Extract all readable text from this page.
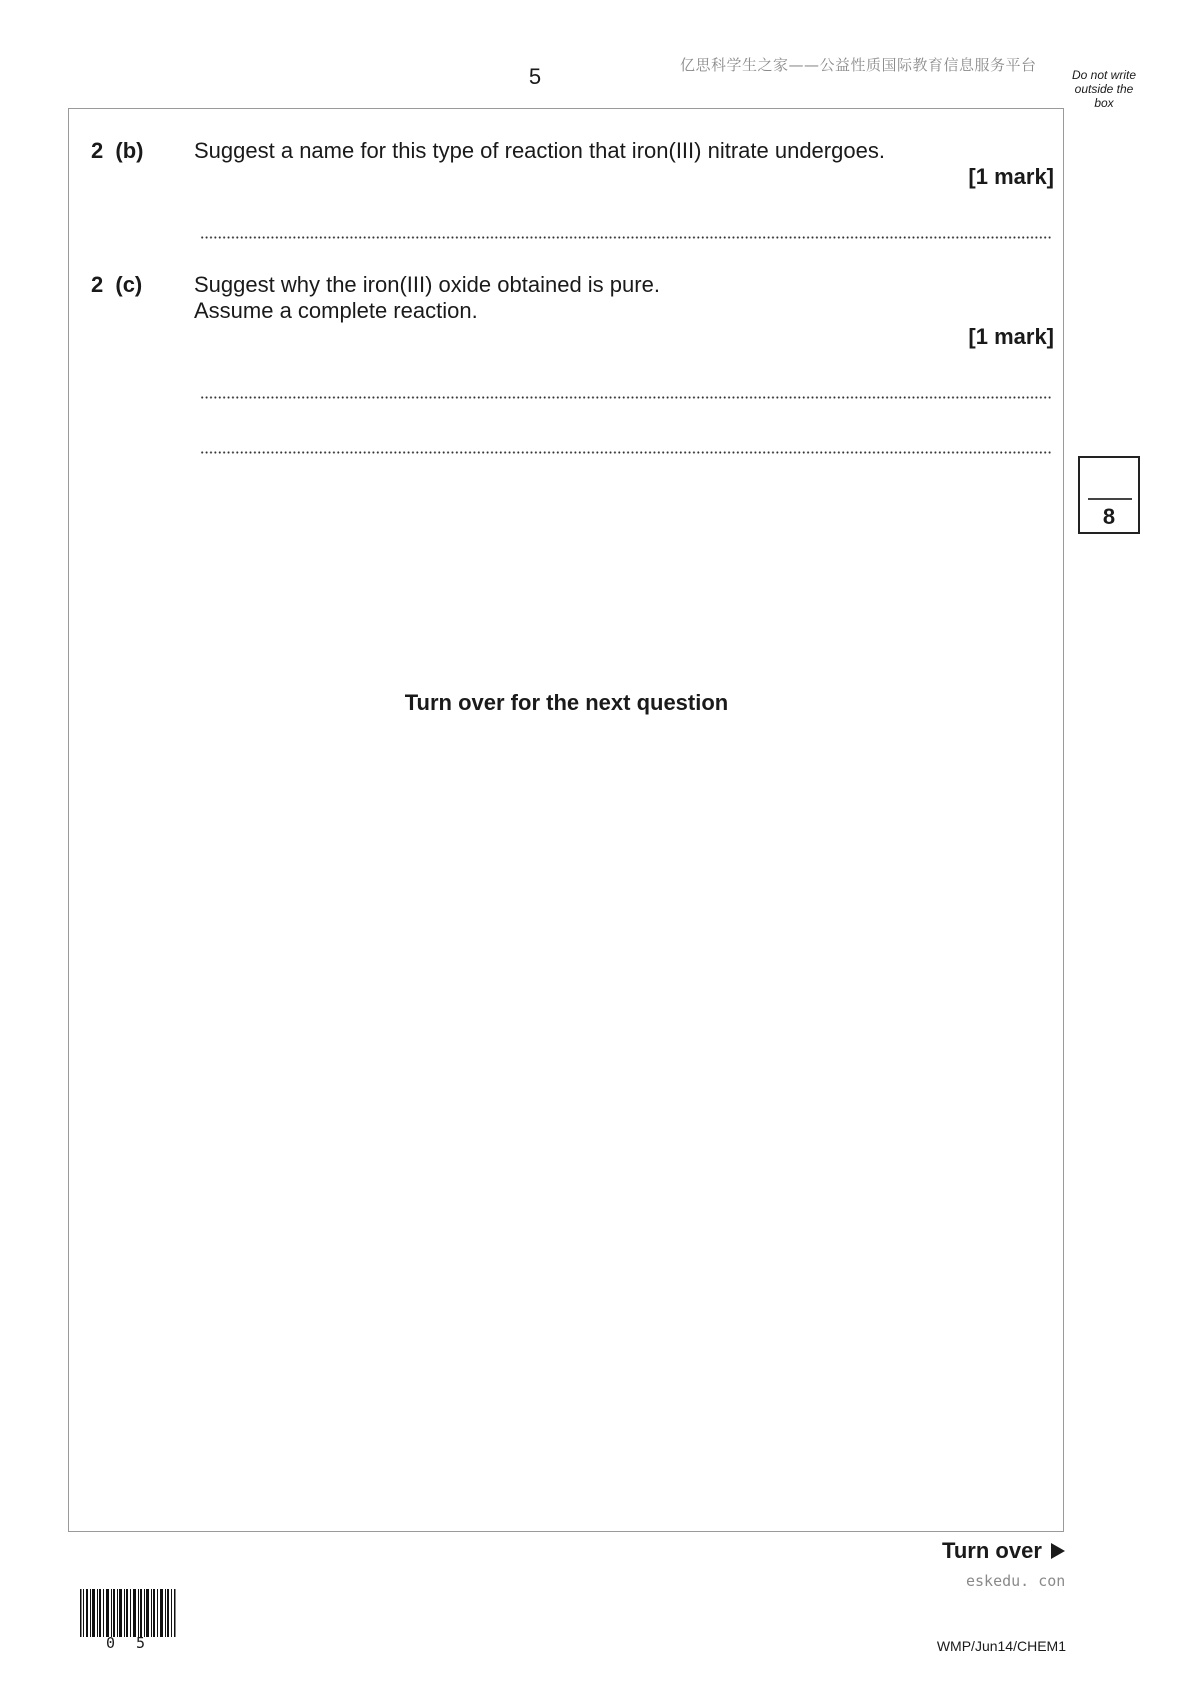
5	亿思科学生之家——公益性质国际教育信息服务平台
Do not write
outside the
box
2 (b) Suggest a name for this type of reaction that iron(III) nitrate undergoes.
[1 mark]
2 (c) Suggest why the iron(III) oxide obtained is pure.
Assume a complete reaction.
[1 mark]
8
Turn over for the next question
Turn over
eskedu. con
0 5	WMP/Jun14/CHEM1
